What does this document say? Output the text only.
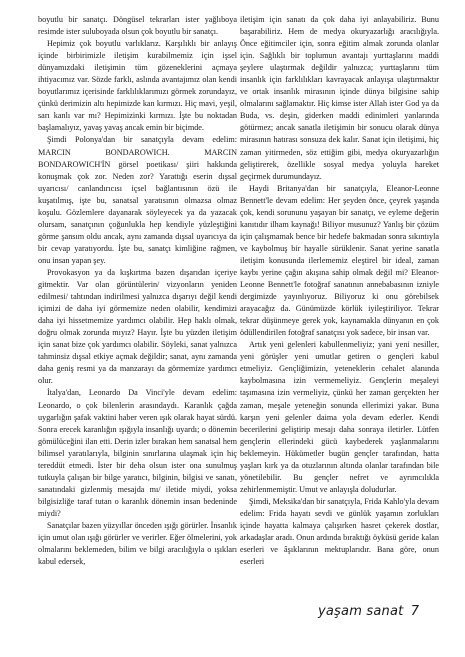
boyutlu bir sanatçı. Döngüsel tekrarları ister yağlıboya resimde ister suluboyada olsun çok boyutlu bir sanatçı.

Hepimiz çok boyutlu varlıklarız. Karşılıklı bir anlayış içinde birbirimizle iletişim kurabilmemiz için işsel dünyamızdaki iletişimin tüm gözeneklerini açmaya ihtiyacımız var. Sözde farklı, aslında avantajımız olan kendi boyutlarımız içerisinde farklılıklarımızı görmek zorundayız, çünkü derimizin altı hepimizde kan kırmızı. Hiç mavi, yeşil, sarı kanlı var mı? Hepimizinki kırmızı. İşte bu noktadan başlamalıyız, yavaş yavaş ancak emin bir biçimde.

Şimdi Polonya'dan bir sanatçıyla devam edelim: MARCIN BONDAROWICH. MARCIN BONDAROWICH'İN görsel poetikası/ şiiri hakkında konuşmak çok zor. Neden zor? Yarattığı eserin dışsal uyarıcısı/ canlandırıcısı içsel bağlantısının özü ile kuşatılmış, işte bu, sanatsal yaratısının olmazsa olmaz koşulu. Gözlemlere dayanarak söyleyecek ya da yazacak olursam, sanatçının çoğunlukla hep kendiyle yüzleştiğini görme şansım oldu ancak, aynı zamanda dışsal uyarıcıya da bir cevap yaratıyordu. İşte bu, sanatçı kimliğine rağmen, onu insan yapan şey.

Provokasyon ya da kışkırtma bazen dışarıdan içeriye gitmektir. Var olan görüntülerin/ vizyonların yeniden edilmesi/ tahtından indirilmesi yalnızca dışarıyı değil kendi içimizi de daha iyi görmemize neden olabilir, kendimizi daha iyi hissetmemize yardımcı olabilir. Hep haklı olmak, doğru olmak zorunda mıyız? Hayır. İşte bu yüzden iletişim için sanat bize çok yardımcı olabilir. Söyleki, sanat yalnızca tahminsiz dışsal etkiye açmak değildir; sanat, aynı zamanda daha geniş resmi ya da manzarayı da görmemize yardımcı olur.

İtalya'dan, Leonardo Da Vinci'yle devam edelim: Leonardo, o çok bilenlerin arasındaydı. Karanlık çağda uygarlığın şafak vaktini haber veren ışık olarak hayat sürdü. Sonra erecek karanlığın ışığıyla insanlığı uyardı; o dönemin gömülüceğini ilan etti. Derin izler bırakan hem sanatsal hem bilimsel yaratılarıyla, bilginin sınırlarına ulaşmak için hiç tereddüt etmedi. İster bir deha olsun ister ona sunulmuş tutkuyla çalışan bir bilge yaratıcı, bilginin, bilgisi ve sanatı, sanatındaki gizlenmiş mesajda mı/ iletide miydi, yoksa bilgisizliğe taraf tutan o karanlık dönemin insan bedeninde miydi?

Sanatçılar bazen yüzyıllar önceden ışığı görürler. İnsanlık için umut olan ışığı görürler ve verirler. Eğer ölmelerini, yok olmalarını beklemeden, bilim ve bilgi aracılığıyla o ışıkları kabul edersek,

iletişim için sanatı da çok daha iyi anlayabiliriz. Bunu başarabiliriz. Hem de medya okuryazarlığı aracılığıyla. Önce eğitimciler için, sonra eğitim almak zorunda olanlar için. Sağlıklı bir toplumun avantajı yurttaşlarını maddi şeylere ulaştırmak değildir yalnızca; yurttaşlarını tüm insanlık için farklılıkları kavrayacak anlayışa ulaştırmaktır ve ortak insanlık mirasının içinde dünya bilgisine sahip olmalarını sağlamaktır. Hiç kimse ister Allah ister God ya da Buda, vs. deşin, giderken maddi edinimleri yanlarında götürmez; ancak sanatla iletişimin bir sonucu olarak dünya mirasının hatırası sonsuza dek kalır. Sanat için iletişimi, hiç zaman yitirmeden, söz ettiğim gibi, medya okuryazarlığın geliştirerek, özellikle sosyal medya yoluyla hareket geçirmek durumundayız.

Haydi Britanya'dan bir sanatçıyla, Eleanor-Leonne Bennett'le devam edelim: Her şeyden önce, çeyrek yaşında çok, kendi sorununu yaşayan bir sanatçı, ve eyleme değerin kanıtıdır ilham kaynağı! Biliyor musunuz? Yanlış bir çözüm için çalışmamak bence bir hedefe bakmadan sonra sıkıntıyla ve kaybolmuş bir hayalle sürüklenir. Sanat yerine sanatla iletişim konusunda ilerlememiz eleştirel bir ideal, zaman kaybı yerine çağın akışına sahip olmak değil mi? Eleanor-Leonne Bennett'le fotoğraf sanatının annebabasının izniyle dergimizde yayınlıyoruz. Biliyoruz ki onu görebilsek arayacağız da. Günümüzde körlük iyileştiriliyor. Tekrar tekrar düşünmeye gerek yok, kaynamakla dünyanın en çok ödüllendirilen fotoğraf sanatçısı yok sadece, bir insan var.

Artık yeni gelenleri kabullenmeliyiz; yani yeni nesiller, yeni görüşler yeni umutlar getiren o gençleri kabul etmeliyiz. Gençliğimizin, yeteneklerin cehalet alanında kaybolmasına izin vermemeliyiz. Gençlerin meşaleyi taşımasına izin vermeliyiz, çünkü her zaman gerçekten her zaman, meşale yeteneğin sonunda ellerimizi yakar. Buna karşın yeni gelenler daima yola devam ederler. Kendi becerilerini geliştirip mesajı daha sonraya iletirler. Lütfen gençlerin ellerindeki gücü kaybederek yaşlanmalarını beklemeyin. Hükümetler bugün gençler tarafından, hatta yaşları kırk ya da otuzlarının altında olanlar tarafından bile yönetilebilir. Bu gençler nefret ve ayrımcılıkla zehirlenmemiştir. Umut ve anlayışla doludurlar.

Şimdi, Meksika'dan bir sanatçıyla, Frida Kahlo'yla devam edelim: Frida hayatı sevdi ve günlük yaşamın zorlukları içinde hayatta kalmaya çalışırken hasret çekerek dostlar, arkadaşlar aradı. Onun ardında bıraktığı öyküsü geride kalan eserleri ve âşıklarının mektuplarıdır. Bana göre, onun eserleri

yaşam sanat 7
